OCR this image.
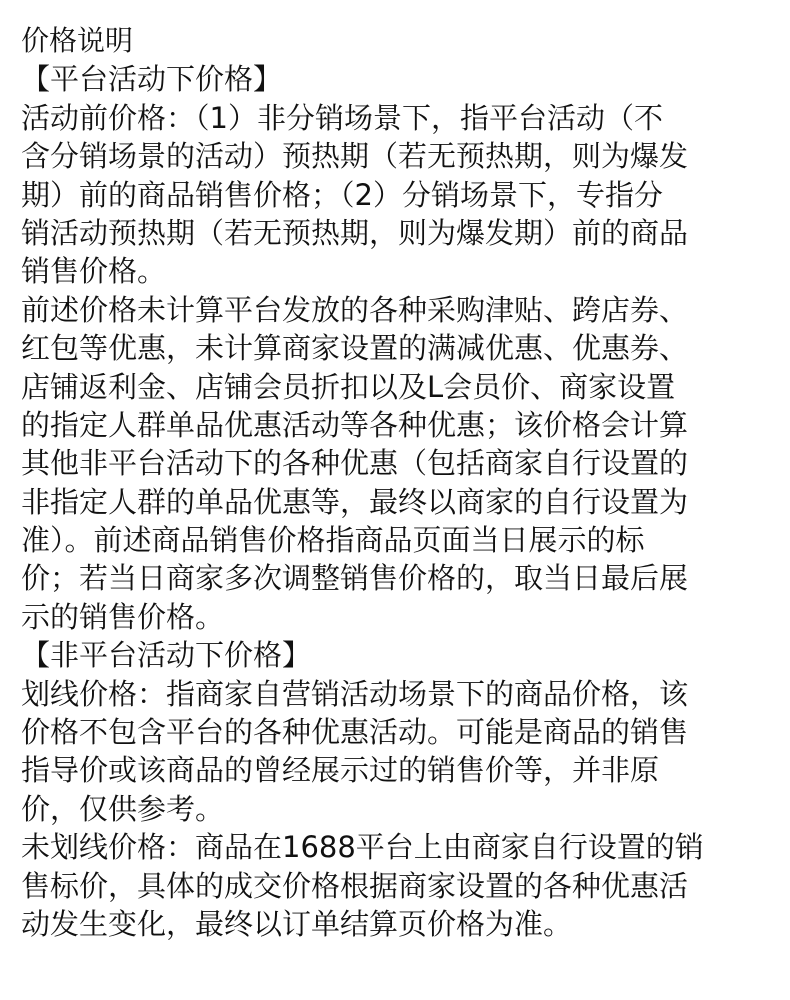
价格说明
【平台活动下价格】
活动前价格：（1）非分销场景下，指平台活动（不
含分销场景的活动）预热期（若无预热期，则为爆发
期）前的商品销售价格；（2）分销场景下，专指分
销活动预热期（若无预热期，则为爆发期）前的商品
销售价格。
前述价格未计算平台发放的各种采购津贴、跨店券、
红包等优惠，未计算商家设置的满减优惠、优惠券、
店铺返利金、店铺会员折扣以及L会员价、商家设置
的指定人群单品优惠活动等各种优惠；该价格会计算
其他非平台活动下的各种优惠（包括商家自行设置的
非指定人群的单品优惠等，最终以商家的自行设置为
准）。前述商品销售价格指商品页面当日展示的标
价；若当日商家多次调整销售价格的，取当日最后展
示的销售价格。
【非平台活动下价格】
划线价格：指商家自营销活动场景下的商品价格，该
价格不包含平台的各种优惠活动。可能是商品的销售
指导价或该商品的曾经展示过的销售价等，并非原
价，仅供参考。
未划线价格：商品在1688平台上由商家自行设置的销
售标价，具体的成交价格根据商家设置的各种优惠活
动发生变化，最终以订单结算页价格为准。
